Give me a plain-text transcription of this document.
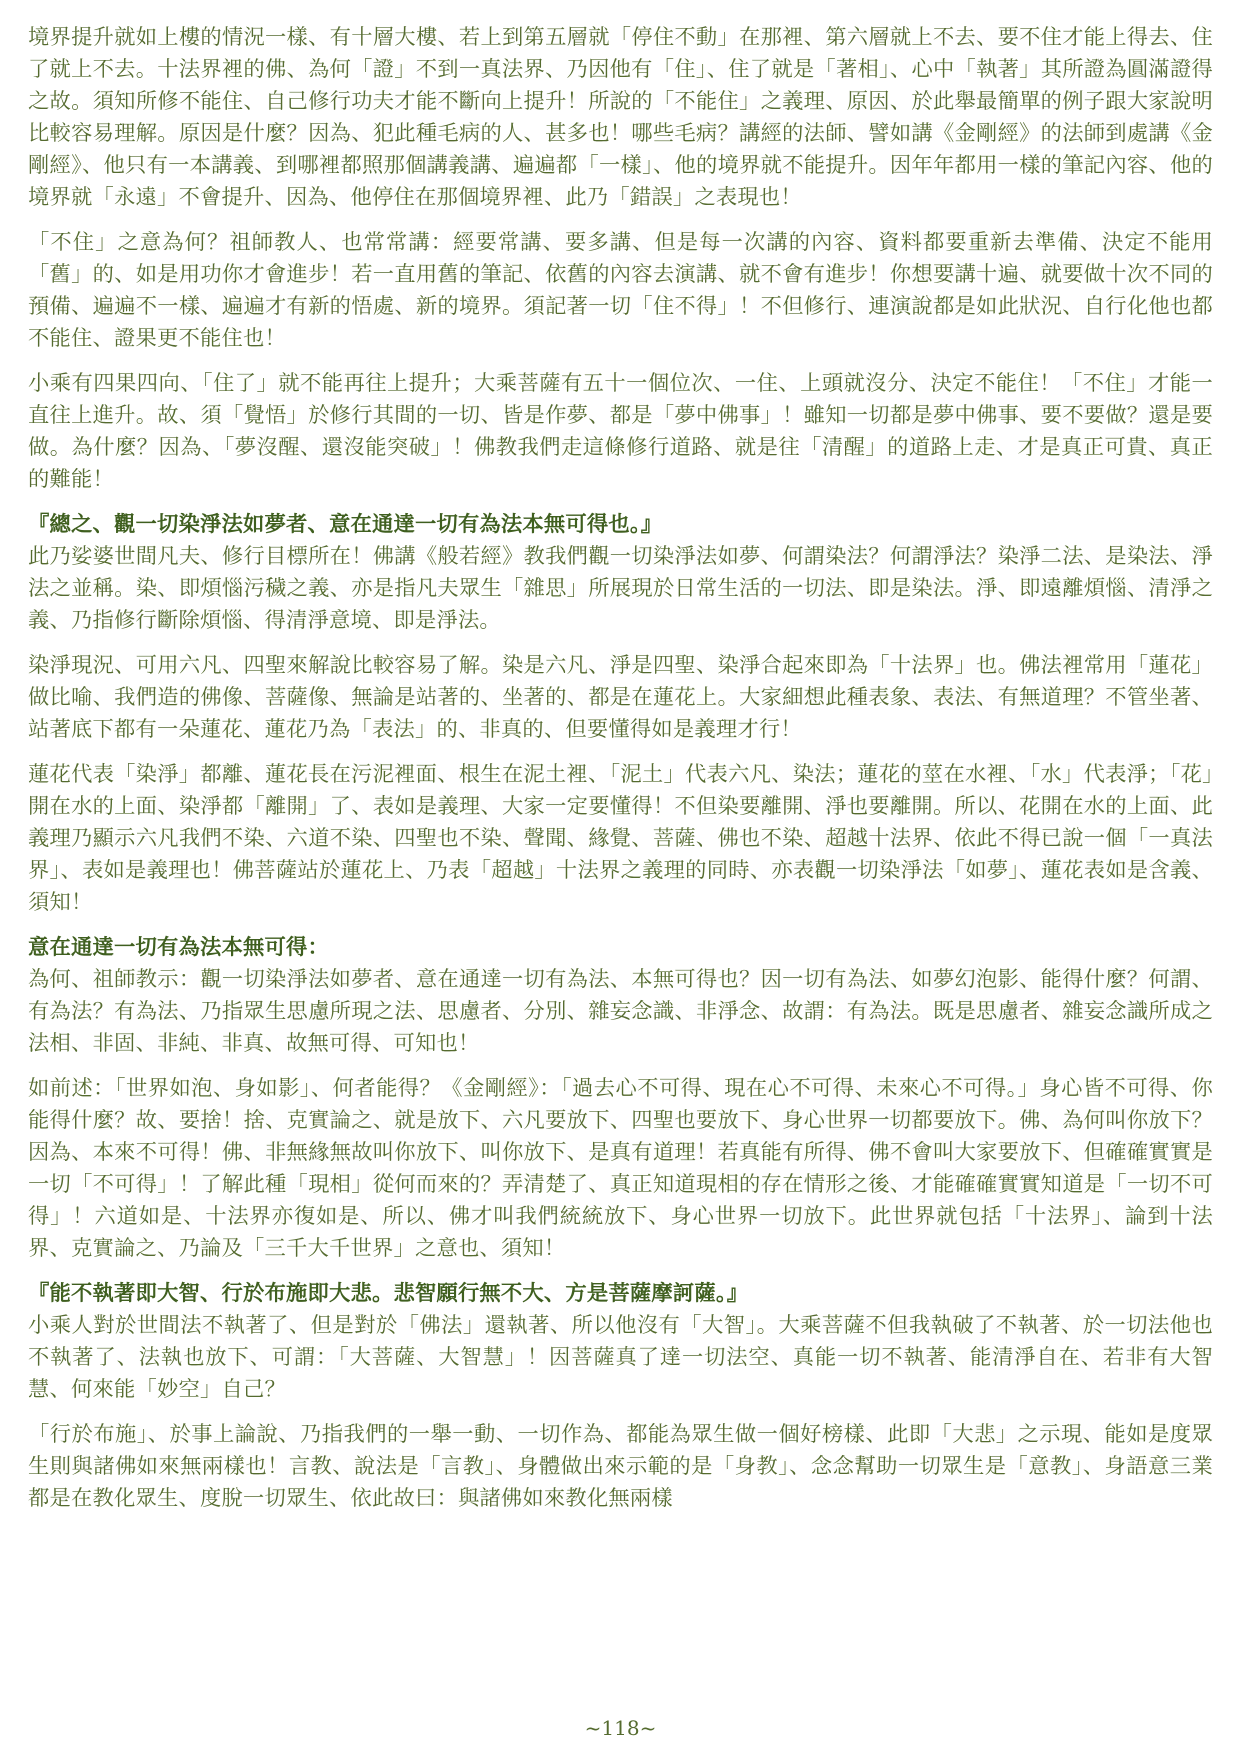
境界提升就如上樓的情況一樣、有十層大樓、若上到第五層就「停住不動」在那裡、第六層就上不去、要不住才能上得去、住了就上不去。十法界裡的佛、為何「證」不到一真法界、乃因他有「住」、住了就是「著相」、心中「執著」其所證為圓滿證得之故。須知所修不能住、自己修行功夫才能不斷向上提升！所說的「不能住」之義理、原因、於此舉最簡單的例子跟大家說明比較容易理解。原因是什麼？因為、犯此種毛病的人、甚多也！哪些毛病？講經的法師、譬如講《金剛經》的法師到處講《金剛經》、他只有一本講義、到哪裡都照那個講義講、遍遍都「一樣」、他的境界就不能提升。因年年都用一樣的筆記內容、他的境界就「永遠」不會提升、因為、他停住在那個境界裡、此乃「錯誤」之表現也！

「不住」之意為何？祖師教人、也常常講：經要常講、要多講、但是每一次講的內容、資料都要重新去準備、決定不能用「舊」的、如是用功你才會進步！若一直用舊的筆記、依舊的內容去演講、就不會有進步！你想要講十遍、就要做十次不同的預備、遍遍不一樣、遍遍才有新的悟處、新的境界。須記著一切「住不得」！不但修行、連演說都是如此狀況、自行化他也都不能住、證果更不能住也！

小乘有四果四向、「住了」就不能再往上提升；大乘菩薩有五十一個位次、一住、上頭就沒分、決定不能住！「不住」才能一直往上進升。故、須「覺悟」於修行其間的一切、皆是作夢、都是「夢中佛事」！雖知一切都是夢中佛事、要不要做？還是要做。為什麼？因為、「夢沒醒、還沒能突破」！佛教我們走這條修行道路、就是往「清醒」的道路上走、才是真正可貴、真正的難能！

『總之、觀一切染淨法如夢者、意在通達一切有為法本無可得也。』

此乃娑婆世間凡夫、修行目標所在！佛講《般若經》教我們觀一切染淨法如夢、何謂染法？何謂淨法？染淨二法、是染法、淨法之並稱。染、即煩惱污穢之義、亦是指凡夫眾生「雜思」所展現於日常生活的一切法、即是染法。淨、即遠離煩惱、清淨之義、乃指修行斷除煩惱、得清淨意境、即是淨法。

染淨現況、可用六凡、四聖來解說比較容易了解。染是六凡、淨是四聖、染淨合起來即為「十法界」也。佛法裡常用「蓮花」做比喻、我們造的佛像、菩薩像、無論是站著的、坐著的、都是在蓮花上。大家細想此種表象、表法、有無道理？不管坐著、站著底下都有一朵蓮花、蓮花乃為「表法」的、非真的、但要懂得如是義理才行！

蓮花代表「染淨」都離、蓮花長在污泥裡面、根生在泥土裡、「泥土」代表六凡、染法；蓮花的莖在水裡、「水」代表淨；「花」開在水的上面、染淨都「離開」了、表如是義理、大家一定要懂得！不但染要離開、淨也要離開。所以、花開在水的上面、此義理乃顯示六凡我們不染、六道不染、四聖也不染、聲聞、緣覺、菩薩、佛也不染、超越十法界、依此不得已說一個「一真法界」、表如是義理也！佛菩薩站於蓮花上、乃表「超越」十法界之義理的同時、亦表觀一切染淨法「如夢」、蓮花表如是含義、須知！

意在通達一切有為法本無可得：

為何、祖師教示：觀一切染淨法如夢者、意在通達一切有為法、本無可得也？因一切有為法、如夢幻泡影、能得什麼？何謂、有為法？有為法、乃指眾生思慮所現之法、思慮者、分別、雜妄念識、非淨念、故謂：有為法。既是思慮者、雜妄念識所成之法相、非固、非純、非真、故無可得、可知也！

如前述：「世界如泡、身如影」、何者能得？《金剛經》：「過去心不可得、現在心不可得、未來心不可得。」身心皆不可得、你能得什麼？故、要捨！捨、克實論之、就是放下、六凡要放下、四聖也要放下、身心世界一切都要放下。佛、為何叫你放下？因為、本來不可得！佛、非無緣無故叫你放下、叫你放下、是真有道理！若真能有所得、佛不會叫大家要放下、但確確實實是一切「不可得」！了解此種「現相」從何而來的？弄清楚了、真正知道現相的存在情形之後、才能確確實實知道是「一切不可得」！六道如是、十法界亦復如是、所以、佛才叫我們統統放下、身心世界一切放下。此世界就包括「十法界」、論到十法界、克實論之、乃論及「三千大千世界」之意也、須知！

『能不執著即大智、行於布施即大悲。悲智願行無不大、方是菩薩摩訶薩。』

小乘人對於世間法不執著了、但是對於「佛法」還執著、所以他沒有「大智」。大乘菩薩不但我執破了不執著、於一切法他也不執著了、法執也放下、可謂：「大菩薩、大智慧」！因菩薩真了達一切法空、真能一切不執著、能清淨自在、若非有大智慧、何來能「妙空」自己？

「行於布施」、於事上論說、乃指我們的一舉一動、一切作為、都能為眾生做一個好榜樣、此即「大悲」之示現、能如是度眾生則與諸佛如來無兩樣也！言教、說法是「言教」、身體做出來示範的是「身教」、念念幫助一切眾生是「意教」、身語意三業都是在教化眾生、度脫一切眾生、依此故曰：與諸佛如來教化無兩樣

~118~
